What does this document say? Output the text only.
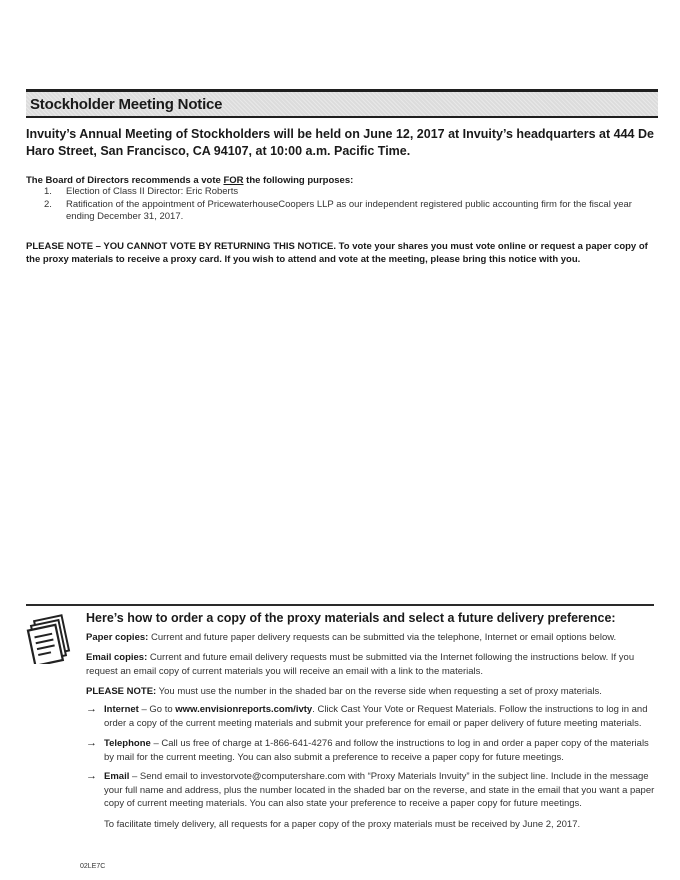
Stockholder Meeting Notice
Invuity’s Annual Meeting of Stockholders will be held on June 12, 2017 at Invuity’s headquarters at 444 De Haro Street, San Francisco, CA 94107, at 10:00 a.m. Pacific Time.
The Board of Directors recommends a vote FOR the following purposes:
1.	Election of Class II Director: Eric Roberts
2.	Ratification of the appointment of PricewaterhouseCoopers LLP as our independent registered public accounting firm for the fiscal year ending December 31, 2017.
PLEASE NOTE – YOU CANNOT VOTE BY RETURNING THIS NOTICE. To vote your shares you must vote online or request a paper copy of the proxy materials to receive a proxy card. If you wish to attend and vote at the meeting, please bring this notice with you.
Here’s how to order a copy of the proxy materials and select a future delivery preference:
Paper copies: Current and future paper delivery requests can be submitted via the telephone, Internet or email options below.
Email copies: Current and future email delivery requests must be submitted via the Internet following the instructions below. If you request an email copy of current materials you will receive an email with a link to the materials.
PLEASE NOTE: You must use the number in the shaded bar on the reverse side when requesting a set of proxy materials.
→ Internet – Go to www.envisionreports.com/ivty. Click Cast Your Vote or Request Materials. Follow the instructions to log in and order a copy of the current meeting materials and submit your preference for email or paper delivery of future meeting materials.
→ Telephone – Call us free of charge at 1-866-641-4276 and follow the instructions to log in and order a paper copy of the materials by mail for the current meeting. You can also submit a preference to receive a paper copy for future meetings.
→ Email – Send email to investorvote@computershare.com with “Proxy Materials Invuity” in the subject line. Include in the message your full name and address, plus the number located in the shaded bar on the reverse, and state in the email that you want a paper copy of current meeting materials. You can also state your preference to receive a paper copy for future meetings.
To facilitate timely delivery, all requests for a paper copy of the proxy materials must be received by June 2, 2017.
02LE7C
